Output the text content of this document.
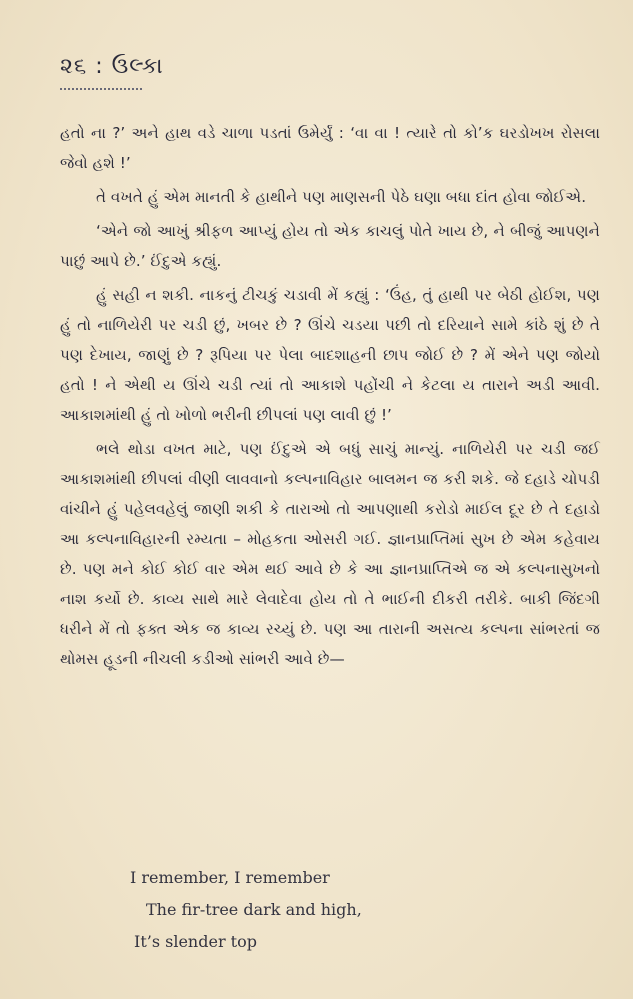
૨૬ : ઉલ્કા

હતો ના ?’ અને હાથ વડે ચાળા પડતાં ઉમેર્યું : ‘વા વા ! ત્યારે તો કો’ક ઘરડોખખ રોસલા જેવો હશે !’

તે વખતે હું એમ માનતી કે હાથીને પણ માણસની પેઠે ઘણા બધા દાંત હોવા જોઈએ.

‘એને જો આખું શ્રીફળ આપ્યું હોય તો એક કાચલું પોતે ખાય છે, ને બીજું આપણને પાછું આપે છે.’ ઈંદુએ કહ્યું.

હું સહી ન શકી. નાકનું ટીચકું ચડાવી મેં કહ્યું : ‘ઉંહ, તું હાથી પર બેઠી હોઈશ, પણ હું તો નાળિયેરી પર ચડી છું, ખબર છે ? ઊંચે ચડયા પછી તો દરિયાને સામે કાંઠે શું છે તે પણ દેખાય, જાણું છે ? રૂપિયા પર પેલા બાદશાહની છાપ જોઈ છે ? મેં એને પણ જોયો હતો ! ને એથી ય ઊંચે ચડી ત્યાં તો આકાશે પહોંચી ને કેટલા ય તારાને અડી આવી. આકાશમાંથી હું તો ખોળો ભરીની છીપલાં પણ લાવી છું !’

ભલે થોડા વખત માટે, પણ ઈંદુએ એ બધું સાચું માન્યું. નાળિયેરી પર ચડી જઈ આકાશમાંથી છીપલાં વીણી લાવવાનો કલ્પનાવિહાર બાલમન જ કરી શકે. જે દહાડે ચોપડી વાંચીને હું પહેલવહેલું જાણી શકી કે તારાઓ તો આપણાથી કરોડો માઈલ દૂર છે તે દહાડો આ કલ્પનાવિહારની રમ્યતા – મોહકતા ઓસરી ગઈ. જ્ઞાનપ્રાપ્તિમાં સુખ છે એમ કહેવાય છે. પણ મને કોઈ કોઈ વાર એમ થઈ આવે છે કે આ જ્ઞાનપ્રાપ્તિએ જ એ કલ્પનાસુખનો નાશ કર્યો છે. કાવ્ય સાથે મારે લેવાદેવા હોય તો તે ભાઈની દીકરી તરીકે. બાકી જિંદગી ધરીને મેં તો ફક્ત એક જ કાવ્ય રચ્યું છે. પણ આ તારાની અસત્ય કલ્પના સાંભરતાં જ થોમસ હૂડની નીચલી કડીઓ સાંભરી આવે છે—

I remember, I remember
The fir-tree dark and high,
It’s slender top
